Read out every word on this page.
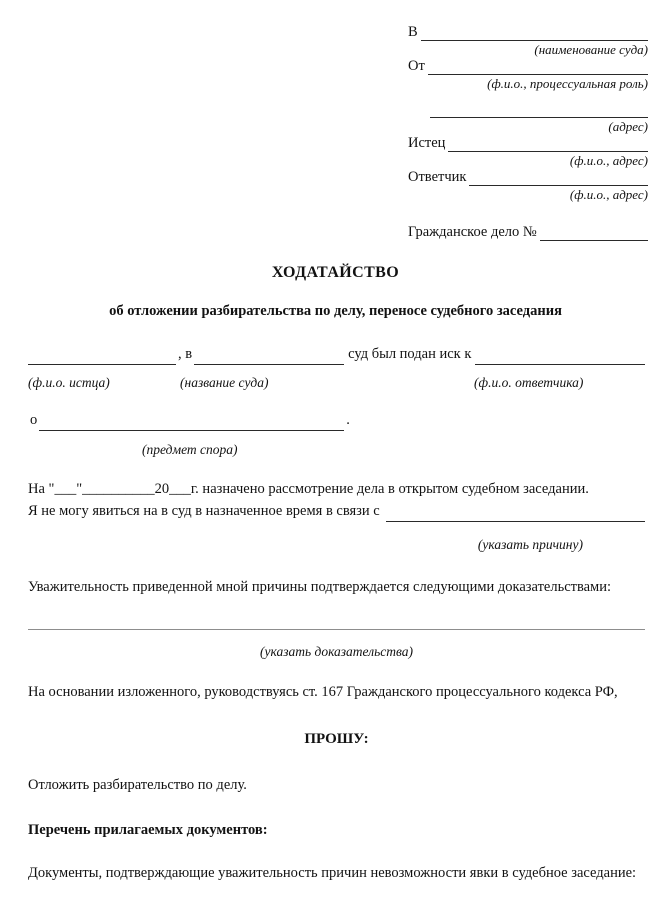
В
(наименование суда)
От
(ф.и.о., процессуальная роль)
(адрес)
Истец
(ф.и.о., адрес)
Ответчик
(ф.и.о., адрес)
Гражданское дело №
ХОДАТАЙСТВО
об отложении разбирательства по делу, переносе судебного заседания
, в	суд был подан иск к
(ф.и.о. истца)	(название суда)	(ф.и.о. ответчика)
о	.
(предмет спора)
На "___"__________20___г. назначено рассмотрение дела в открытом судебном заседании.
Я не могу явиться на в суд в назначенное время в связи с
(указать причину)
Уважительность приведенной мной причины подтверждается следующими доказательствами:
(указать доказательства)
На основании изложенного, руководствуясь ст. 167 Гражданского процессуального кодекса РФ,
ПРОШУ:
Отложить разбирательство по делу.
Перечень прилагаемых документов:
Документы, подтверждающие уважительность причин невозможности явки в судебное заседание:
